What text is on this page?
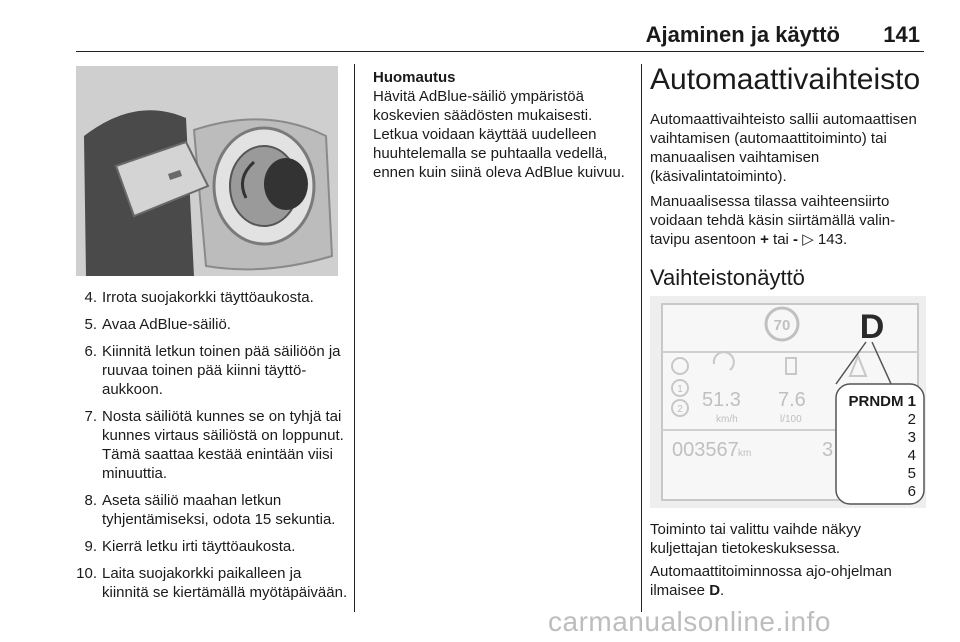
Ajaminen ja käyttö	141
4. Irrota suojakorkki täyttöaukosta.
5. Avaa AdBlue-säiliö.
6. Kiinnitä letkun toinen pää säiliöön ja ruuvaa toinen pää kiinni täyttöaukkoon.
7. Nosta säiliötä kunnes se on tyhjä tai kunnes virtaus säiliöstä on loppunut. Tämä saattaa kestää enintään viisi minuuttia.
8. Aseta säiliö maahan letkun tyhjentämiseksi, odota 15 sekuntia.
9. Kierrä letku irti täyttöaukosta.
10. Laita suojakorkki paikalleen ja kiinnitä se kiertämällä myötäpäivään.
Huomautus
Hävitä AdBlue-säiliö ympäristöä koskevien säädösten mukaisesti. Letkua voidaan käyttää uudelleen huuhtelemalla se puhtaalla vedellä, ennen kuin siinä oleva AdBlue kuivuu.
Automaattivaihteisto

Automaattivaihteisto sallii automaattisen vaihtamisen (automaattitoiminto) tai manuaalisen vaihtamisen (käsivalintatoiminto).

Manuaalisessa tilassa vaihteensiirto voidaan tehdä käsin siirtämällä valintavipu asentoon + tai - ▷ 143.

Vaihteistonäyttö
70 D
1
2 51.3
km/h
7.6
l/100
003567 km	3
PRNDM 1
2
3
4
5
6

Toiminto tai valittu vaihde näkyy kuljettajan tietokeskuksessa.

Automaattitoiminnossa ajo-ohjelman ilmaisee D.

carmanualsonline.info
